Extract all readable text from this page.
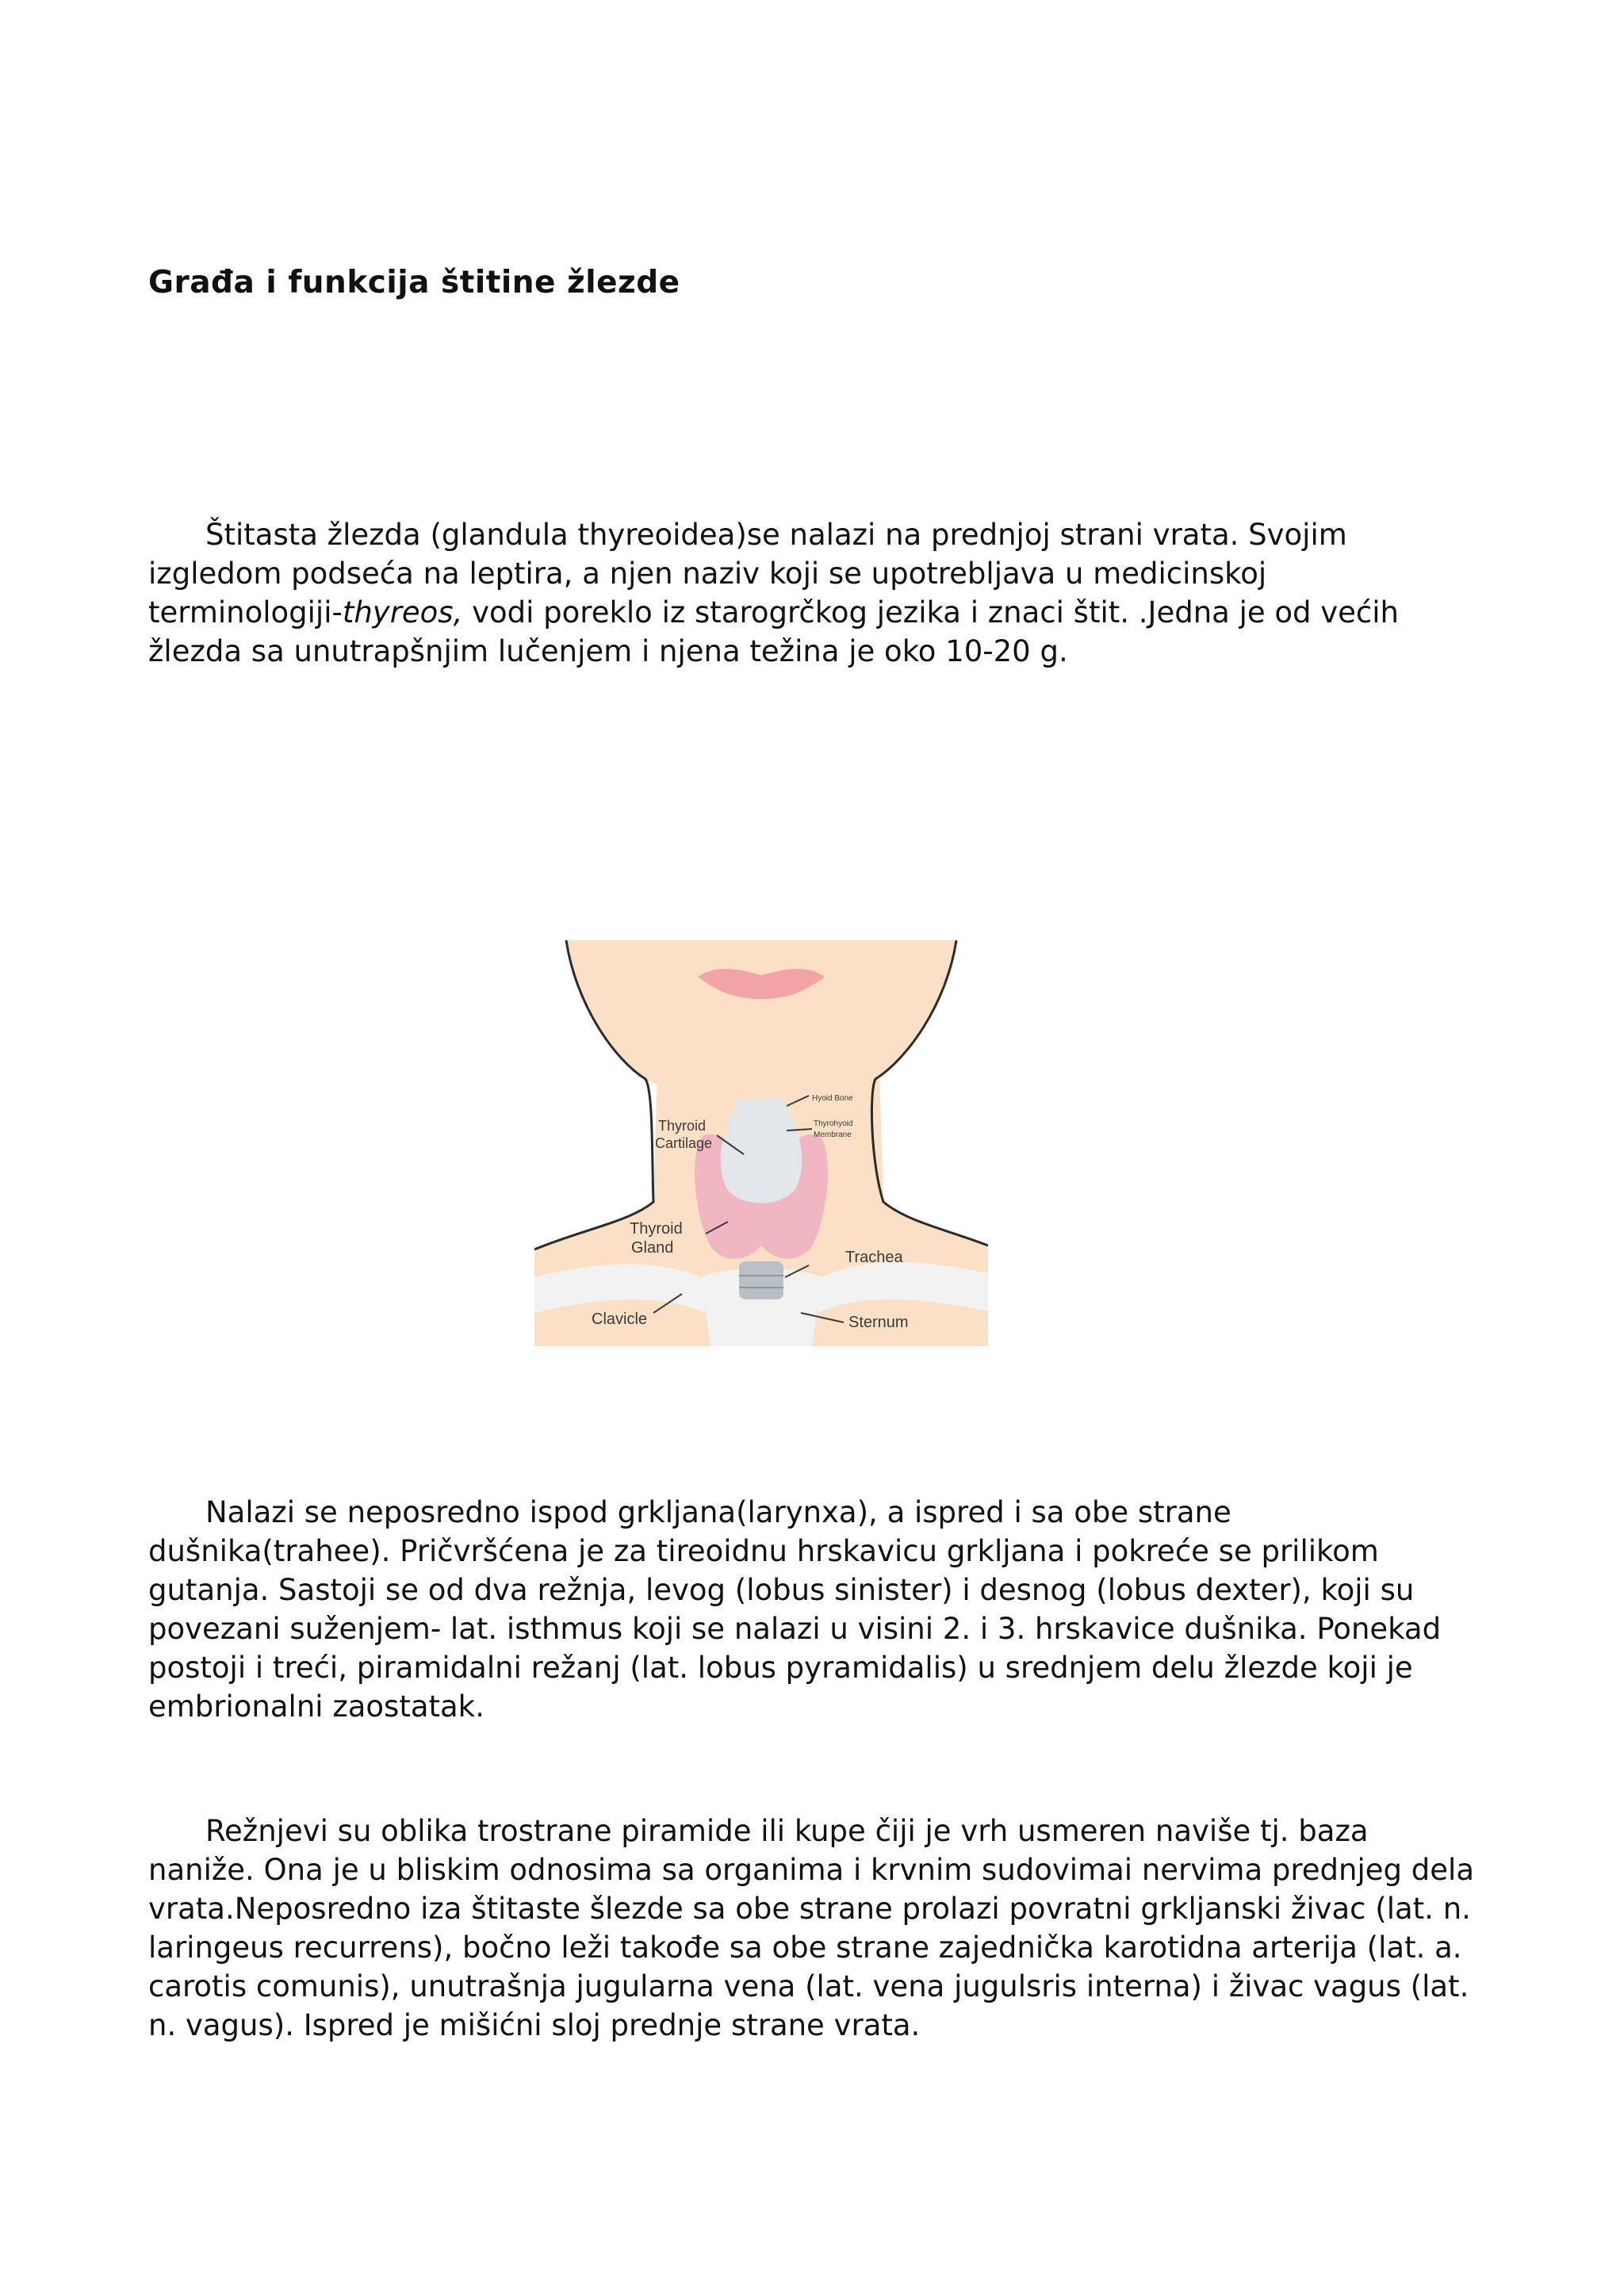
Građa i funkcija štitine žlezde

Štitasta žlezda (glandula thyreoidea)se nalazi na prednjoj strani vrata. Svojim

izgledom podseća na leptira, a njen naziv koji se upotrebljava u medicinskoj

terminologiji-thyreos, vodi poreklo iz starogrčkog jezika i znaci štit. .Jedna je od većih

žlezda sa unutrapšnjim lučenjem i njena težina je oko 10-20 g.

Thyroid
Cartilage
Thyroid
Gland
Hyoid Bone
Thyrohyoid
Membrane
Trachea
Clavicle	Sternum

Nalazi se neposredno ispod grkljana(larynxa), a ispred i sa obe strane

dušnika(trahee). Pričvršćena je za tireoidnu hrskavicu grkljana i pokreće se prilikom

gutanja. Sastoji se od dva režnja, levog (lobus sinister) i desnog (lobus dexter), koji su

povezani suženjem- lat. isthmus koji se nalazi u visini 2. i 3. hrskavice dušnika. Ponekad

postoji i treći, piramidalni režanj (lat. lobus pyramidalis) u srednjem delu žlezde koji je

embrionalni zaostatak.

Režnjevi su oblika trostrane piramide ili kupe čiji je vrh usmeren naviše tj. baza

naniže. Ona je u bliskim odnosima sa organima i krvnim sudovimai nervima prednjeg dela

vrata.Neposredno iza štitaste šlezde sa obe strane prolazi povratni grkljanski živac (lat. n.

laringeus recurrens), bočno leži takođe sa obe strane zajednička karotidna arterija (lat. a.

carotis comunis), unutrašnja jugularna vena (lat. vena jugulsris interna) i živac vagus (lat.

n. vagus). Ispred je mišićni sloj prednje strane vrata.
